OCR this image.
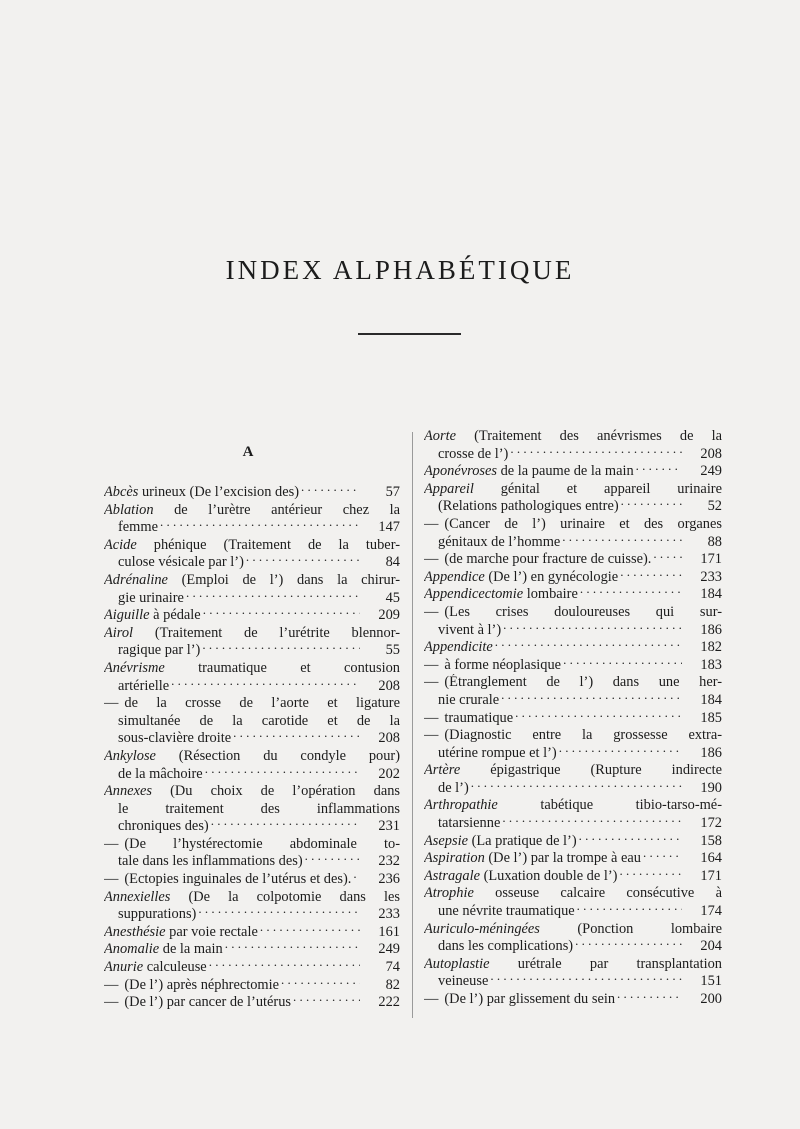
INDEX ALPHABÉTIQUE
A
Abcès urineux (De l’excision des) . . .	57
Ablation de l’urètre antérieur chez la
femme . . .	147
Acide phénique (Traitement de la tuber-
culose vésicale par l’) . . .	84
Adrénaline (Emploi de l’) dans la chirur-
gie urinaire . . .	45
Aiguille à pédale . . .	209
Airol (Traitement de l’urétrite blennor-
ragique par l’) . . .	55
Anévrisme traumatique et contusion
artérielle . . .	208
— de la crosse de l’aorte et ligature
simultanée de la carotide et de la
sous-clavière droite . . .	208
Ankylose (Résection du condyle pour)
de la mâchoire . . .	202
Annexes (Du choix de l’opération dans
le traitement des inflammations
chroniques des) . . .	231
— (De l’hystérectomie abdominale to-
tale dans les inflammations des) . . .	232
— (Ectopies inguinales de l’utérus et des). . . .	236
Annexielles (De la colpotomie dans les
suppurations) . . .	233
Anesthésie par voie rectale . . .	161
Anomalie de la main . . .	249
Anurie calculeuse . . .	74
— (De l’) après néphrectomie . . .	82
— (De l’) par cancer de l’utérus . . .	222
Aorte (Traitement des anévrismes de la
crosse de l’) . . .	208
Aponévroses de la paume de la main . . .	249
Appareil génital et appareil urinaire
(Relations pathologiques entre) . . .	52
— (Cancer de l’) urinaire et des organes
génitaux de l’homme . . .	88
— (de marche pour fracture de cuisse). . . .	171
Appendice (De l’) en gynécologie . . .	233
Appendicectomie lombaire . . .	184
— (Les crises douloureuses qui sur-
vivent à l’) . . .	186
Appendicite . . .	182
— à forme néoplasique . . .	183
— (Étranglement de l’) dans une her-
nie crurale . . .	184
— traumatique . . .	185
— (Diagnostic entre la grossesse extra-
utérine rompue et l’) . . .	186
Artère épigastrique (Rupture indirecte
de l’) . . .	190
Arthropathie tabétique tibio-tarso-mé-
tatarsienne . . .	172
Asepsie (La pratique de l’) . . .	158
Aspiration (De l’) par la trompe à eau . . .	164
Astragale (Luxation double de l’) . . .	171
Atrophie osseuse calcaire consécutive à
une névrite traumatique . . .	174
Auriculo-méningées (Ponction lombaire
dans les complications) . . .	204
Autoplastie urétrale par transplantation
veineuse . . .	151
— (De l’) par glissement du sein . . .	200
